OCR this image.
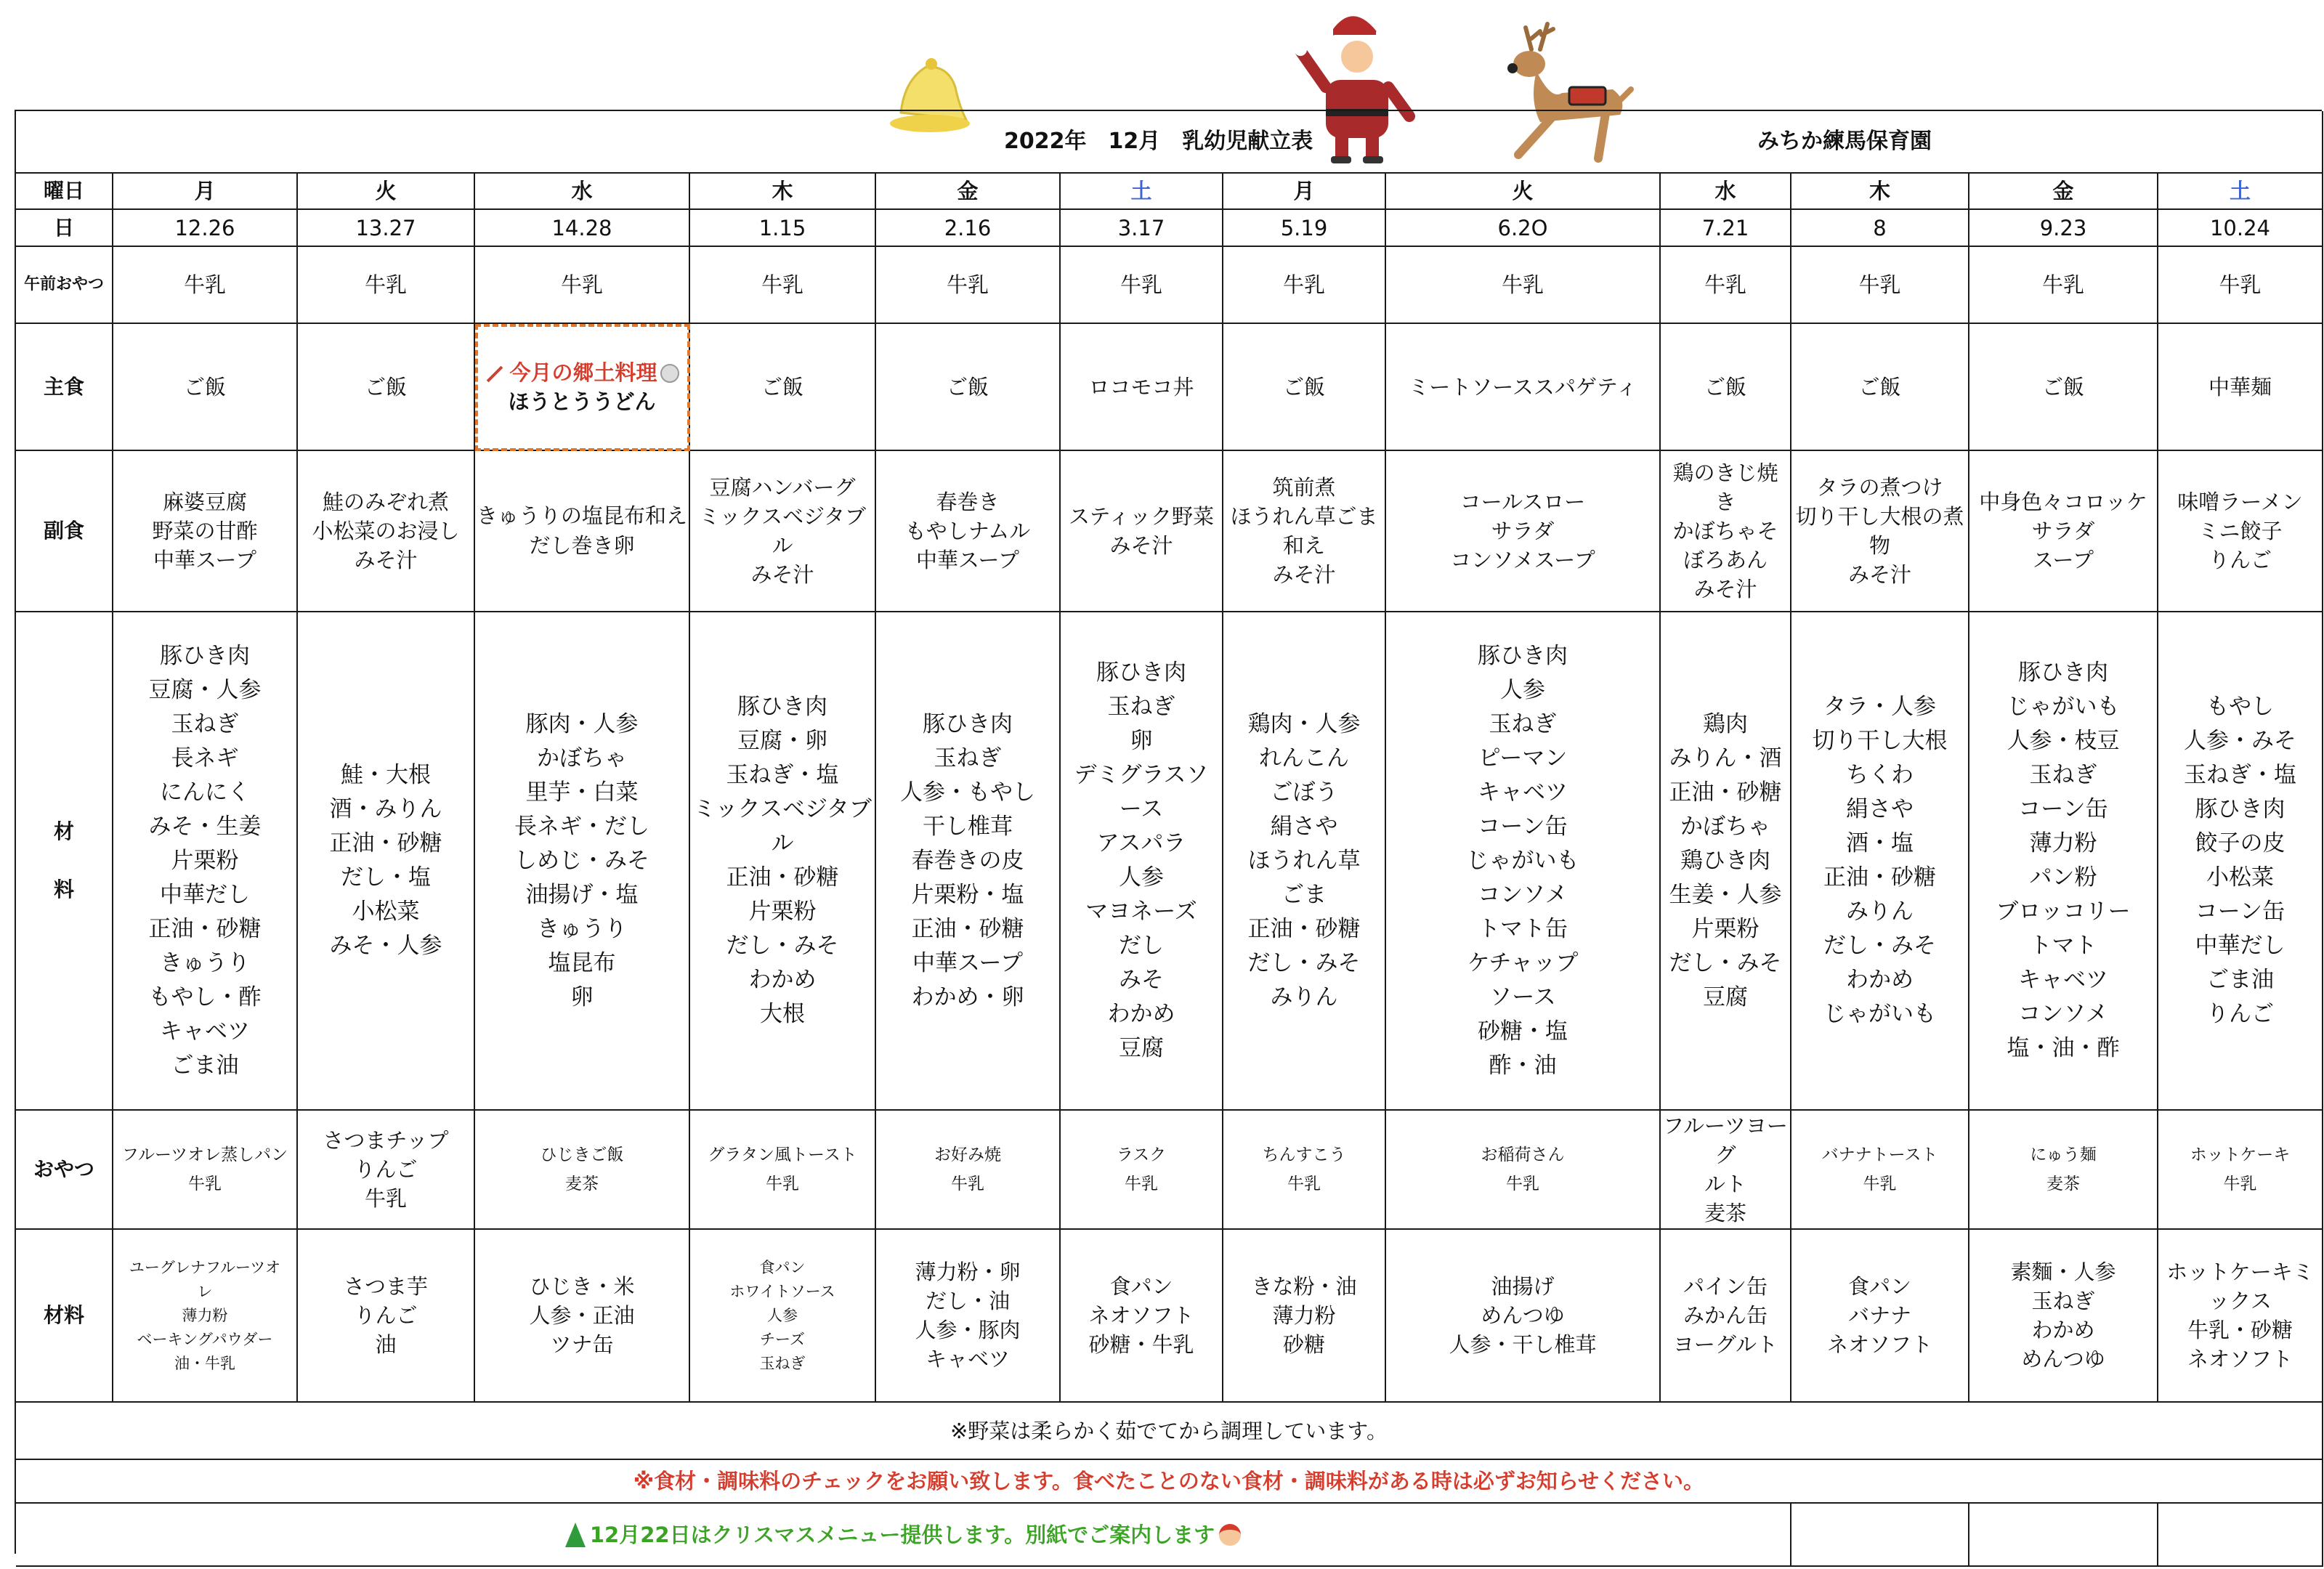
2022年　12月　乳幼児献立表	みちか練馬保育園
曜日
日
午前おやつ
主食
副食
材
料
おやつ
材料
※野菜は柔らかく茹でてから調理しています。
※食材・調味料のチェックをお願い致します。食べたことのない食材・調味料がある時は必ずお知らせください。
12月22日はクリスマスメニュー提供します。別紙でご案内します
月
12.26
牛乳
ご飯
麻婆豆腐
野菜の甘酢
中華スープ
豚ひき肉
豆腐・人参
玉ねぎ
長ネギ
にんにく
みそ・生姜
片栗粉
中華だし
正油・砂糖
きゅうり
もやし・酢
キャベツ
ごま油
フルーツオレ蒸しパン
牛乳
ユーグレナフルーツオ
レ
薄力粉
ベーキングパウダー
油・牛乳
火
13.27
牛乳
ご飯
鮭のみぞれ煮
小松菜のお浸し
みそ汁
鮭・大根
酒・みりん
正油・砂糖
だし・塩
小松菜
みそ・人参
さつまチップ
りんご
牛乳
さつま芋
りんご
油
水
14.28
牛乳
今月の郷土料理
ほうとううどん
きゅうりの塩昆布和え
だし巻き卵
豚肉・人参
かぼちゃ
里芋・白菜
長ネギ・だし
しめじ・みそ
油揚げ・塩
きゅうり
塩昆布
卵
ひじきご飯
麦茶
ひじき・米
人参・正油
ツナ缶
木
1.15
牛乳
ご飯
豆腐ハンバーグ
ミックスベジタブ
ル
みそ汁
豚ひき肉
豆腐・卵
玉ねぎ・塩
ミックスベジタブ
ル
正油・砂糖
片栗粉
だし・みそ
わかめ
大根
グラタン風トースト
牛乳
食パン
ホワイトソース
人参
チーズ
玉ねぎ
金
2.16
牛乳
ご飯
春巻き
もやしナムル
中華スープ
豚ひき肉
玉ねぎ
人参・もやし
干し椎茸
春巻きの皮
片栗粉・塩
正油・砂糖
中華スープ
わかめ・卵
お好み焼
牛乳
薄力粉・卵
だし・油
人参・豚肉
キャベツ
土
3.17
牛乳
ロコモコ丼
スティック野菜
みそ汁
豚ひき肉
玉ねぎ
卵
デミグラスソ
ース
アスパラ
人参
マヨネーズ
だし
みそ
わかめ
豆腐
ラスク
牛乳
食パン
ネオソフト
砂糖・牛乳
月
5.19
牛乳
ご飯
筑前煮
ほうれん草ごま
和え
みそ汁
鶏肉・人参
れんこん
ごぼう
絹さや
ほうれん草
ごま
正油・砂糖
だし・みそ
みりん
ちんすこう
牛乳
きな粉・油
薄力粉
砂糖
火
6.2O
牛乳
ミートソーススパゲティ
コールスロー
サラダ
コンソメスープ
豚ひき肉
人参
玉ねぎ
ピーマン
キャベツ
コーン缶
じゃがいも
コンソメ
トマト缶
ケチャップ
ソース
砂糖・塩
酢・油
お稲荷さん
牛乳
油揚げ
めんつゆ
人参・干し椎茸
水
7.21
牛乳
ご飯
鶏のきじ焼
き
かぼちゃそ
ぼろあん
みそ汁
鶏肉
みりん・酒
正油・砂糖
かぼちゃ
鶏ひき肉
生姜・人参
片栗粉
だし・みそ
豆腐
フルーツヨーグ
ルト
麦茶
パイン缶
みかん缶
ヨーグルト
木
8
牛乳
ご飯
タラの煮つけ
切り干し大根の煮
物
みそ汁
タラ・人参
切り干し大根
ちくわ
絹さや
酒・塩
正油・砂糖
みりん
だし・みそ
わかめ
じゃがいも
バナナトースト
牛乳
食パン
バナナ
ネオソフト
金
9.23
牛乳
ご飯
中身色々コロッケ
サラダ
スープ
豚ひき肉
じゃがいも
人参・枝豆
玉ねぎ
コーン缶
薄力粉
パン粉
ブロッコリー
トマト
キャベツ
コンソメ
塩・油・酢
にゅう麺
麦茶
素麵・人参
玉ねぎ
わかめ
めんつゆ
土
10.24
牛乳
中華麺
味噌ラーメン
ミニ餃子
りんご
もやし
人参・みそ
玉ねぎ・塩
豚ひき肉
餃子の皮
小松菜
コーン缶
中華だし
ごま油
りんご
ホットケーキ
牛乳
ホットケーキミ
ックス
牛乳・砂糖
ネオソフト
